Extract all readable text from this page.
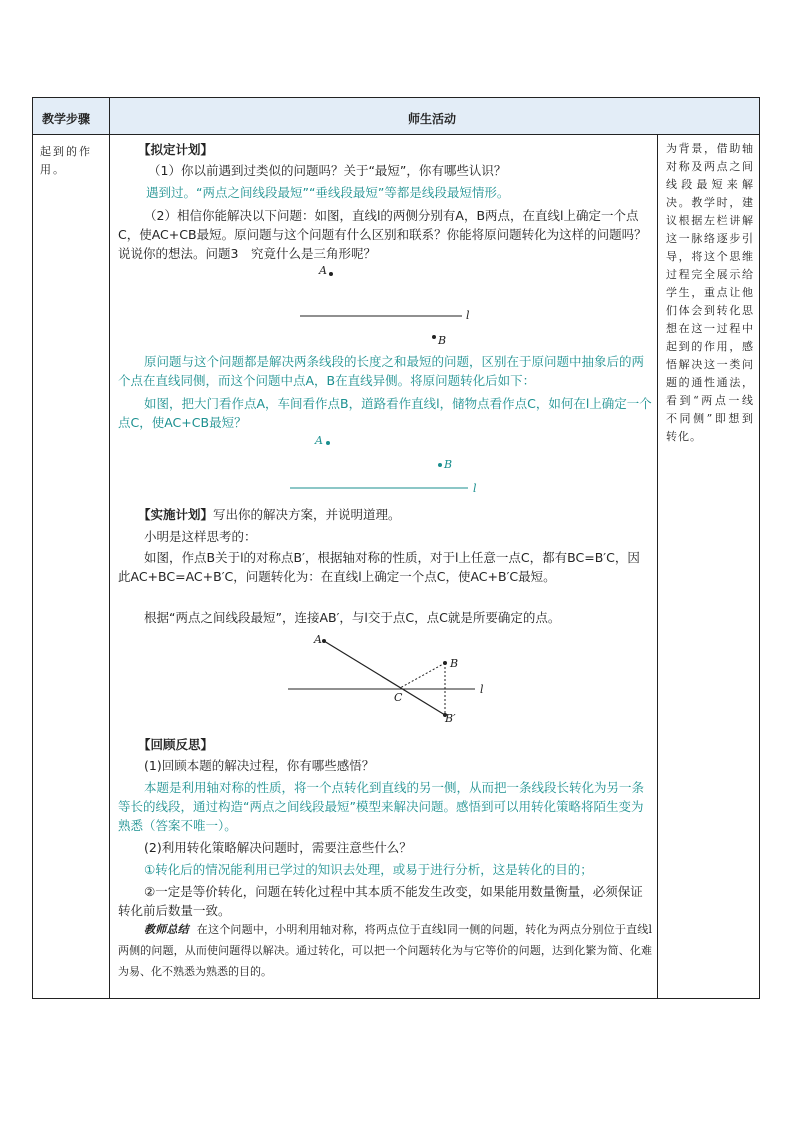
教学步骤	师生活动
起到的作用。
为背景，借助轴对称及两点之间线段最短来解决。教学时，建议根据左栏讲解这一脉络逐步引导，将这个思维过程完全展示给学生，重点让他们体会到转化思想在这一过程中起到的作用，感悟解决这一类问题的通性通法，看到“两点一线不同侧”即想到转化。
【拟定计划】
（1）你以前遇到过类似的问题吗？关于“最短”，你有哪些认识？
遇到过。“两点之间线段最短”“垂线段最短”等都是线段最短情形。
（2）相信你能解决以下问题：如图，直线l的两侧分别有A，B两点，在直线l上确定一个点C，使AC+CB最短。原问题与这个问题有什么区别和联系？你能将原问题转化为这样的问题吗？说说你的想法。问题3　究竟什么是三角形呢？
A
l
B
原问题与这个问题都是解决两条线段的长度之和最短的问题，区别在于原问题中抽象后的两个点在直线同侧，而这个问题中点A，B在直线异侧。将原问题转化后如下：
如图，把大门看作点A，车间看作点B，道路看作直线l，储物点看作点C，如何在l上确定一个点C，使AC+CB最短？
A
B
l
【实施计划】写出你的解决方案，并说明道理。
小明是这样思考的：
如图，作点B关于l的对称点B′，根据轴对称的性质，对于l上任意一点C，都有BC=B′C，因此AC+BC=AC+B′C，问题转化为：在直线l上确定一个点C，使AC+B′C最短。
根据“两点之间线段最短”，连接AB′，与l交于点C，点C就是所要确定的点。
A
B
l
C
B′
【回顾反思】
(1)回顾本题的解决过程，你有哪些感悟？
本题是利用轴对称的性质，将一个点转化到直线的另一侧，从而把一条线段长转化为另一条等长的线段，通过构造“两点之间线段最短”模型来解决问题。感悟到可以用转化策略将陌生变为熟悉（答案不唯一）。
(2)利用转化策略解决问题时，需要注意些什么？
①转化后的情况能利用已学过的知识去处理，或易于进行分析，这是转化的目的；
②一定是等价转化，问题在转化过程中其本质不能发生改变，如果能用数量衡量，必须保证转化前后数量一致。
教师总结 在这个问题中，小明利用轴对称，将两点位于直线l同一侧的问题，转化为两点分别位于直线l两侧的问题，从而使问题得以解决。通过转化，可以把一个问题转化为与它等价的问题，达到化繁为简、化难为易、化不熟悉为熟悉的目的。
